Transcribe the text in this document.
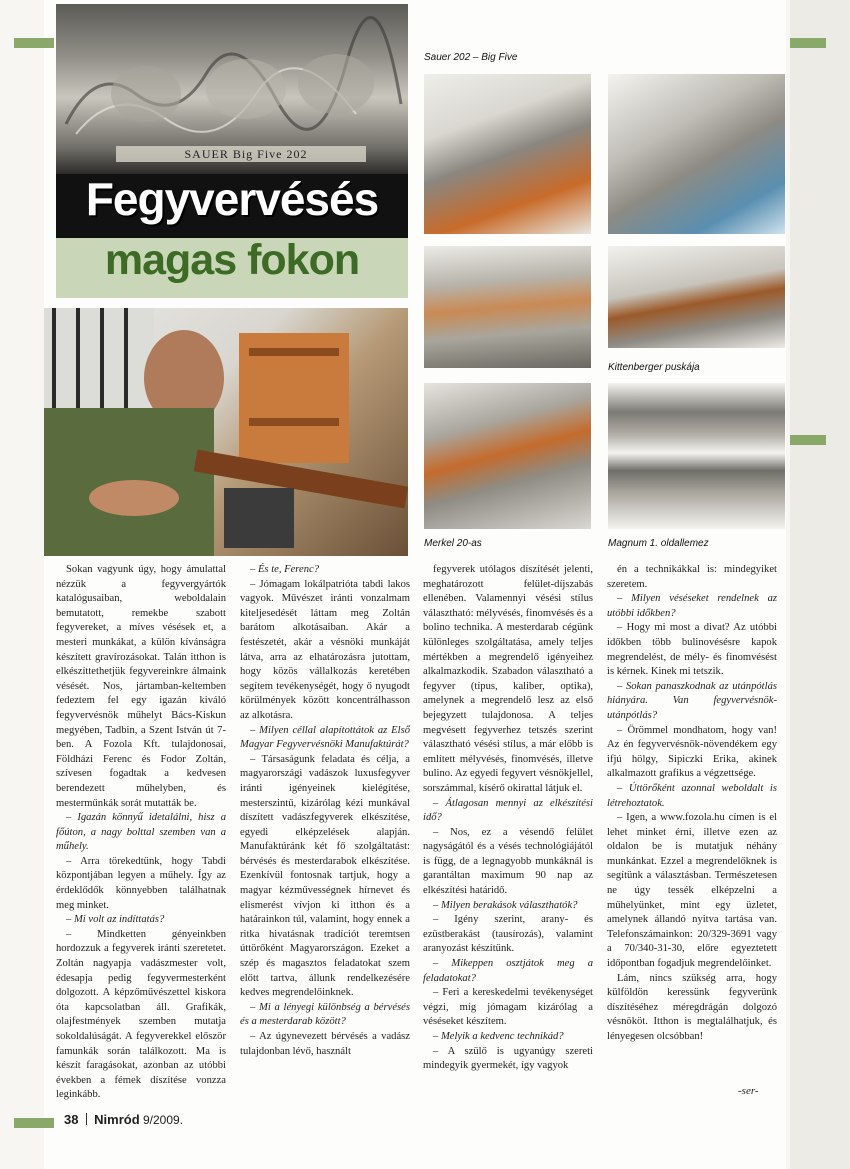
SAUER Big Five 202
Fegyvervésés
magas fokon
Sauer 202 – Big Five
Kittenberger puskája
Merkel 20-as	Magnum 1. oldallemez

Sokan vagyunk úgy, hogy ámulattal nézzük a fegyvergyártók katalógusaiban, weboldalain bemutatott, remekbe szabott fegyvereket, a míves vésések et, a mesteri munkákat, a külön kívánságra készített gravírozásokat. Talán itthon is elkészíttethetjük fegyvereinkre álmaink vésését. Nos, jártamban-keltemben fedeztem fel egy igazán kiváló fegyvervésnök műhelyt Bács-Kiskun megyében, Tadbin, a Szent István út 7-ben. A Fozola Kft. tulajdonosai, Földházi Ferenc és Fodor Zoltán, szívesen fogadtak a kedvesen berendezett műhelyben, és mesterműnkák sorát mutatták be.

– Igazán könnyű idetalálni, hisz a főúton, a nagy bolttal szemben van a műhely.

– Arra törekedtünk, hogy Tabdi központjában legyen a műhely. Így az érdeklődők könnyebben találhatnak meg minket.

– Mi volt az indíttatás?

– Mindketten gényeinkben hordozzuk a fegyverek iránti szeretetet. Zoltán nagyapja vadászmester volt, édesapja pedig fegyvermesterként dolgozott. A képzőművészettel kiskora óta kapcsolatban áll. Grafikák, olajfestmények szemben mutatja sokoldalúságát. A fegyverekkel először famunkák során találkozott. Ma is készít faragásokat, azonban az utóbbi években a fémek díszítése vonzza leginkább.

– És te, Ferenc?

– Jómagam lokálpatrióta tabdi lakos vagyok. Művészet iránti vonzalmam kiteljesedését láttam meg Zoltán barátom alkotásaiban. Akár a festészetét, akár a vésnöki munkáját látva, arra az elhatározásra jutottam, hogy közös vállalkozás keretében segítem tevékenységét, hogy ő nyugodt körülmények között koncentrálhasson az alkotásra.

– Milyen céllal alapítottátok az Első Magyar Fegyvervésnöki Manufaktúrát?

– Társaságunk feladata és célja, a magyarországi vadászok luxusfegyver iránti igényeinek kielégítése, mesterszintű, kizárólag kézi munkával díszített vadászfegyverek elkészítése, egyedi elképzelések alapján. Manufaktúránk két fő szolgáltatást: bérvésés és mesterdarabok elkészítése. Ezenkívül fontosnak tartjuk, hogy a magyar kézművességnek hírnevet és elismerést vívjon ki itthon és a határainkon túl, valamint, hogy ennek a ritka hivatásnak tradíciót teremtsen úttörőként Magyarországon. Ezeket a szép és magasztos feladatokat szem előtt tartva, állunk rendelkezésére kedves megrendelőinknek.

– Mi a lényegi különbség a bérvésés és a mesterdarab között?

– Az úgynevezett bérvésés a vadász tulajdonban lévő, használt

fegyverek utólagos díszítését jelenti, meghatározott felület-díjszabás ellenében. Valamennyi vésési stílus választható: mélyvésés, finomvésés és a bolino technika. A mesterdarab cégünk különleges szolgáltatása, amely teljes mértékben a megrendelő igényeihez alkalmazkodik. Szabadon választható a fegyver (típus, kaliber, optika), amelynek a megrendelő lesz az első bejegyzett tulajdonosa. A teljes megvésett fegyverhez tetszés szerint választható vésési stílus, a már előbb is említett mélyvésés, finomvésés, illetve bulino. Az egyedi fegyvert vésnökjellel, sorszámmal, kísérő okirattal látjuk el.

– Átlagosan mennyi az elkészítési idő?

– Nos, ez a vésendő felület nagyságától és a vésés technológiájától is függ, de a legnagyobb munkáknál is garantáltan maximum 90 nap az elkészítési határidő.

– Milyen berakások választhatók?

– Igény szerint, arany- és ezüstberakást (tausírozás), valamint aranyozást készítünk.

– Mikeppen osztjátok meg a feladatokat?

– Feri a kereskedelmi tevékenységet végzi, míg jómagam kizárólag a véséseket készítem.

– Melyik a kedvenc technikád?

– A szülő is ugyanúgy szereti mindegyik gyermekét, így vagyok

én a technikákkal is: mindegyiket szeretem.

– Milyen véséseket rendelnek az utóbbi időkben?

– Hogy mi most a divat? Az utóbbi időkben több bulinovésésre kapok megrendelést, de mély- és finomvésést is kérnek. Kinek mi tetszik.

– Sokan panaszkodnak az utánpótlás hiányára. Van fegyvervésnök-utánpótlás?

– Örömmel mondhatom, hogy van! Az én fegyvervésnök-növendékem egy ifjú hölgy, Sipiczki Erika, akinek alkalmazott grafikus a végzettsége.

– Úttörőként azonnal weboldalt is létrehoztatok.

– Igen, a www.fozola.hu címen is el lehet minket érni, illetve ezen az oldalon be is mutatjuk néhány munkánkat. Ezzel a megrendelőknek is segítünk a választásban. Természetesen ne úgy tessék elképzelni a műhelyünket, mint egy üzletet, amelynek állandó nyitva tartása van. Telefonszámainkon: 20/329-3691 vagy a 70/340-31-30, előre egyeztetett időpontban fogadjuk megrendelőinket.

Lám, nincs szükség arra, hogy külföldön keressünk fegyverünk díszítéséhez méregdrágán dolgozó vésnököt. Itthon is megtalálhatjuk, és lényegesen olcsóbban!

-ser-
38 Nimród 9/2009.
